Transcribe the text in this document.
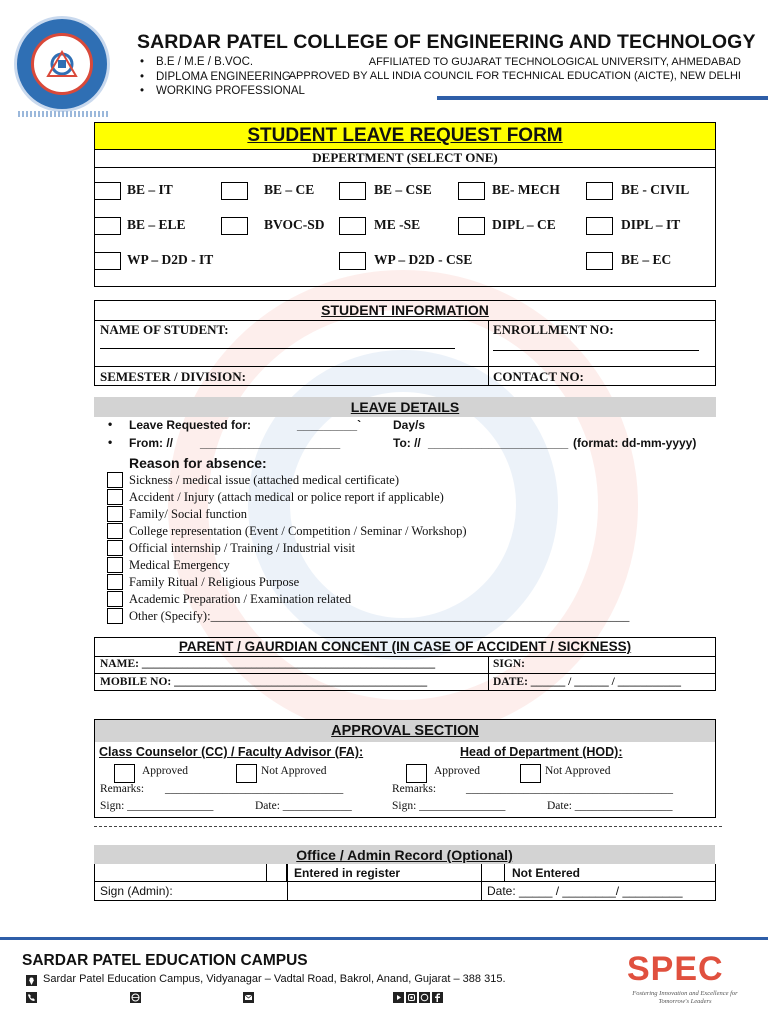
SARDAR PATEL COLLEGE OF ENGINEERING AND TECHNOLOGY
• B.E / M.E / B.VOC.
• DIPLOMA ENGINEERING
• WORKING PROFESSIONAL
AFFILIATED TO GUJARAT TECHNOLOGICAL UNIVERSITY, AHMEDABAD
APPROVED BY ALL INDIA COUNCIL FOR TECHNICAL EDUCATION (AICTE), NEW DELHI
STUDENT LEAVE REQUEST FORM
DEPERTMENT (SELECT ONE)
BE – IT	BE – CE	BE – CSE	BE- MECH	BE - CIVIL
BE – ELE	BVOC-SD	ME -SE	DIPL – CE	DIPL – IT
WP – D2D - IT	WP – D2D - CSE	BE – EC
STUDENT INFORMATION
NAME OF STUDENT:	ENROLLMENT NO:
SEMESTER / DIVISION:	CONTACT NO:
LEAVE DETAILS
• Leave Requested for:	_________`	Day/s
• From: // _____________________	To: // _____________________ (format: dd-mm-yyyy)
Reason for absence:
Sickness / medical issue (attached medical certificate)
Accident / Injury (attach medical or police report if applicable)
Family/ Social function
College representation (Event / Competition / Seminar / Workshop)
Official internship / Training / Industrial visit
Medical Emergency
Family Ritual / Religious Purpose
Academic Preparation / Examination related
Other (Specify):___________________________________________________________________
PARENT / GAURDIAN CONCENT (IN CASE OF ACCIDENT / SICKNESS)
NAME: ___________________________________________________	SIGN:
MOBILE NO: ____________________________________________	DATE: ______ / ______ / ___________
APPROVAL SECTION
Class Counselor (CC) / Faculty Advisor (FA):	Head of Department (HOD):
Approved	Not Approved	Approved	Not Approved
Remarks: _______________________________	Remarks:	____________________________________
Sign: _______________	Date: ____________	Sign: _______________	Date: _________________
Office / Admin Record (Optional)
Entered in register	Not Entered
Sign (Admin):	Date: _____ / ________/ _________
SARDAR PATEL EDUCATION CAMPUS
Sardar Patel Education Campus, Vidyanagar – Vadtal Road, Bakrol, Anand, Gujarat – 388 315.	SPEC
Fostering Innovation and Excellence for Tomorrow's Leaders
